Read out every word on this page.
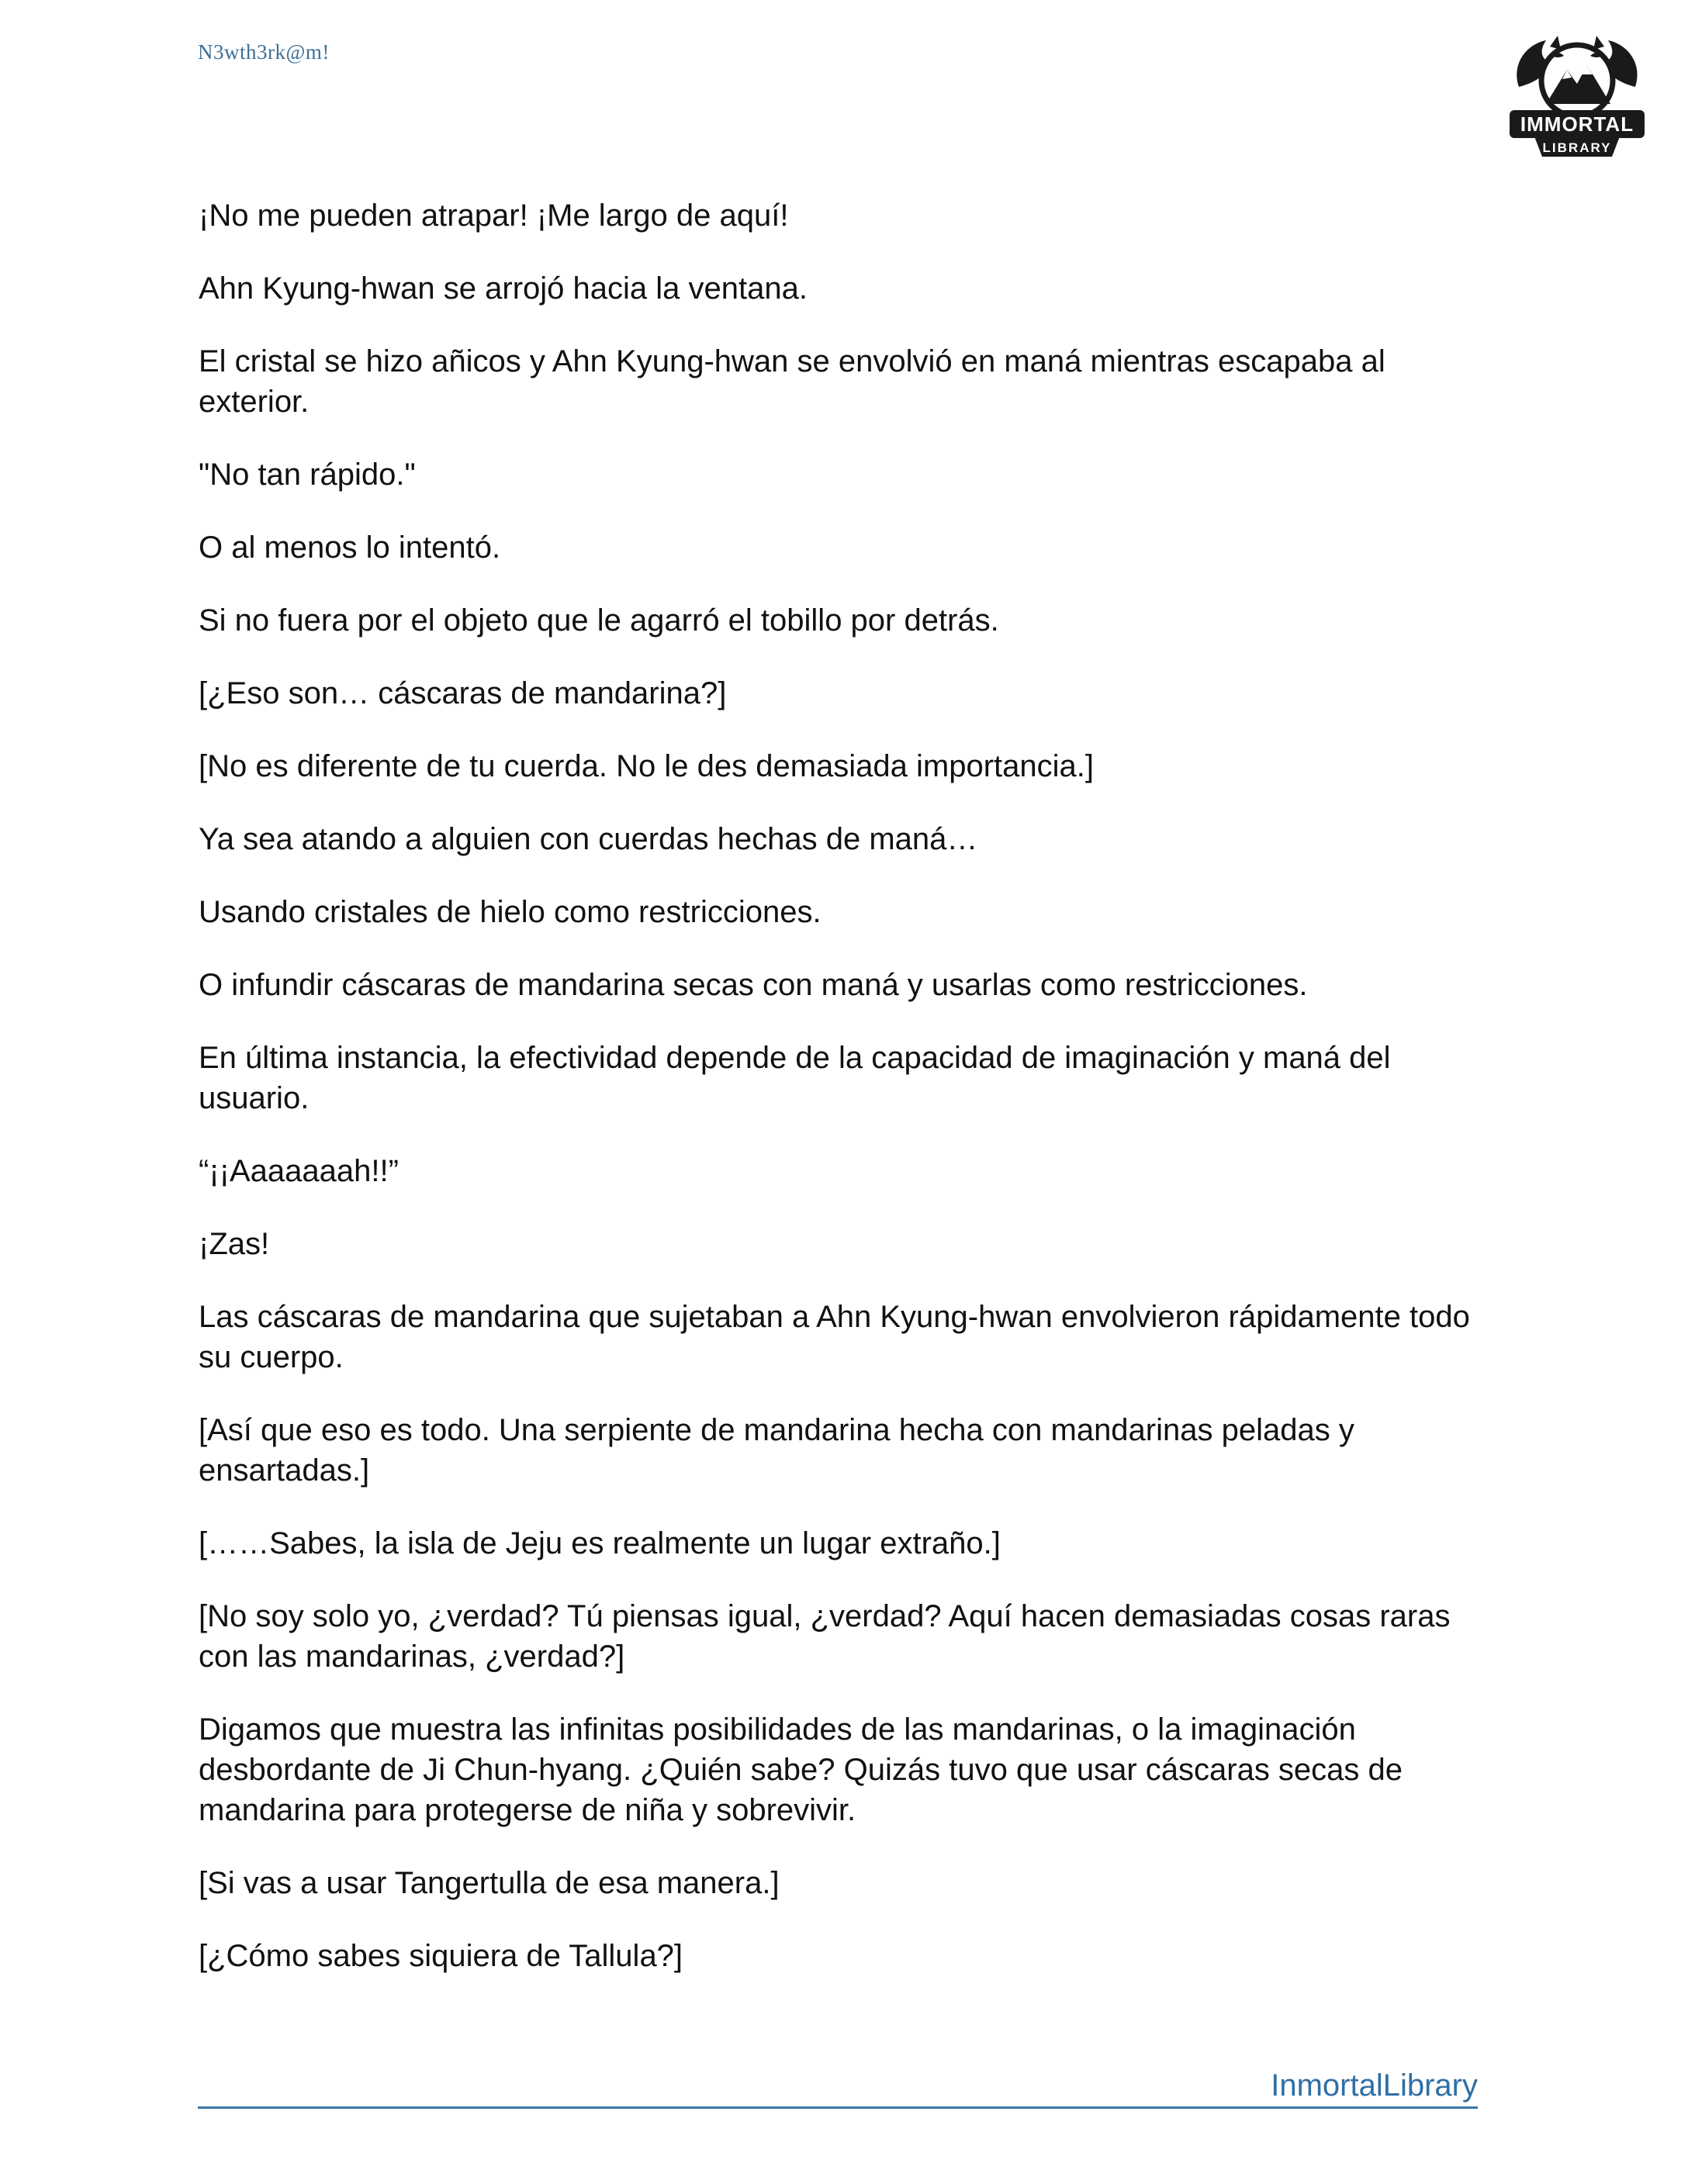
N3wth3rk@m!
IMMORTAL
LIBRARY

¡No me pueden atrapar! ¡Me largo de aquí!

Ahn Kyung-hwan se arrojó hacia la ventana.

El cristal se hizo añicos y Ahn Kyung-hwan se envolvió en maná mientras escapaba al exterior.

"No tan rápido."

O al menos lo intentó.

Si no fuera por el objeto que le agarró el tobillo por detrás.

[¿Eso son… cáscaras de mandarina?]

[No es diferente de tu cuerda. No le des demasiada importancia.]

Ya sea atando a alguien con cuerdas hechas de maná…

Usando cristales de hielo como restricciones.

O infundir cáscaras de mandarina secas con maná y usarlas como restricciones.

En última instancia, la efectividad depende de la capacidad de imaginación y maná del usuario.

“¡¡Aaaaaaah!!”

¡Zas!

Las cáscaras de mandarina que sujetaban a Ahn Kyung-hwan envolvieron rápidamente todo su cuerpo.

[Así que eso es todo. Una serpiente de mandarina hecha con mandarinas peladas y ensartadas.]

[……Sabes, la isla de Jeju es realmente un lugar extraño.]

[No soy solo yo, ¿verdad? Tú piensas igual, ¿verdad? Aquí hacen demasiadas cosas raras con las mandarinas, ¿verdad?]

Digamos que muestra las infinitas posibilidades de las mandarinas, o la imaginación desbordante de Ji Chun-hyang. ¿Quién sabe? Quizás tuvo que usar cáscaras secas de mandarina para protegerse de niña y sobrevivir.

[Si vas a usar Tangertulla de esa manera.]

[¿Cómo sabes siquiera de Tallula?]

InmortalLibrary
